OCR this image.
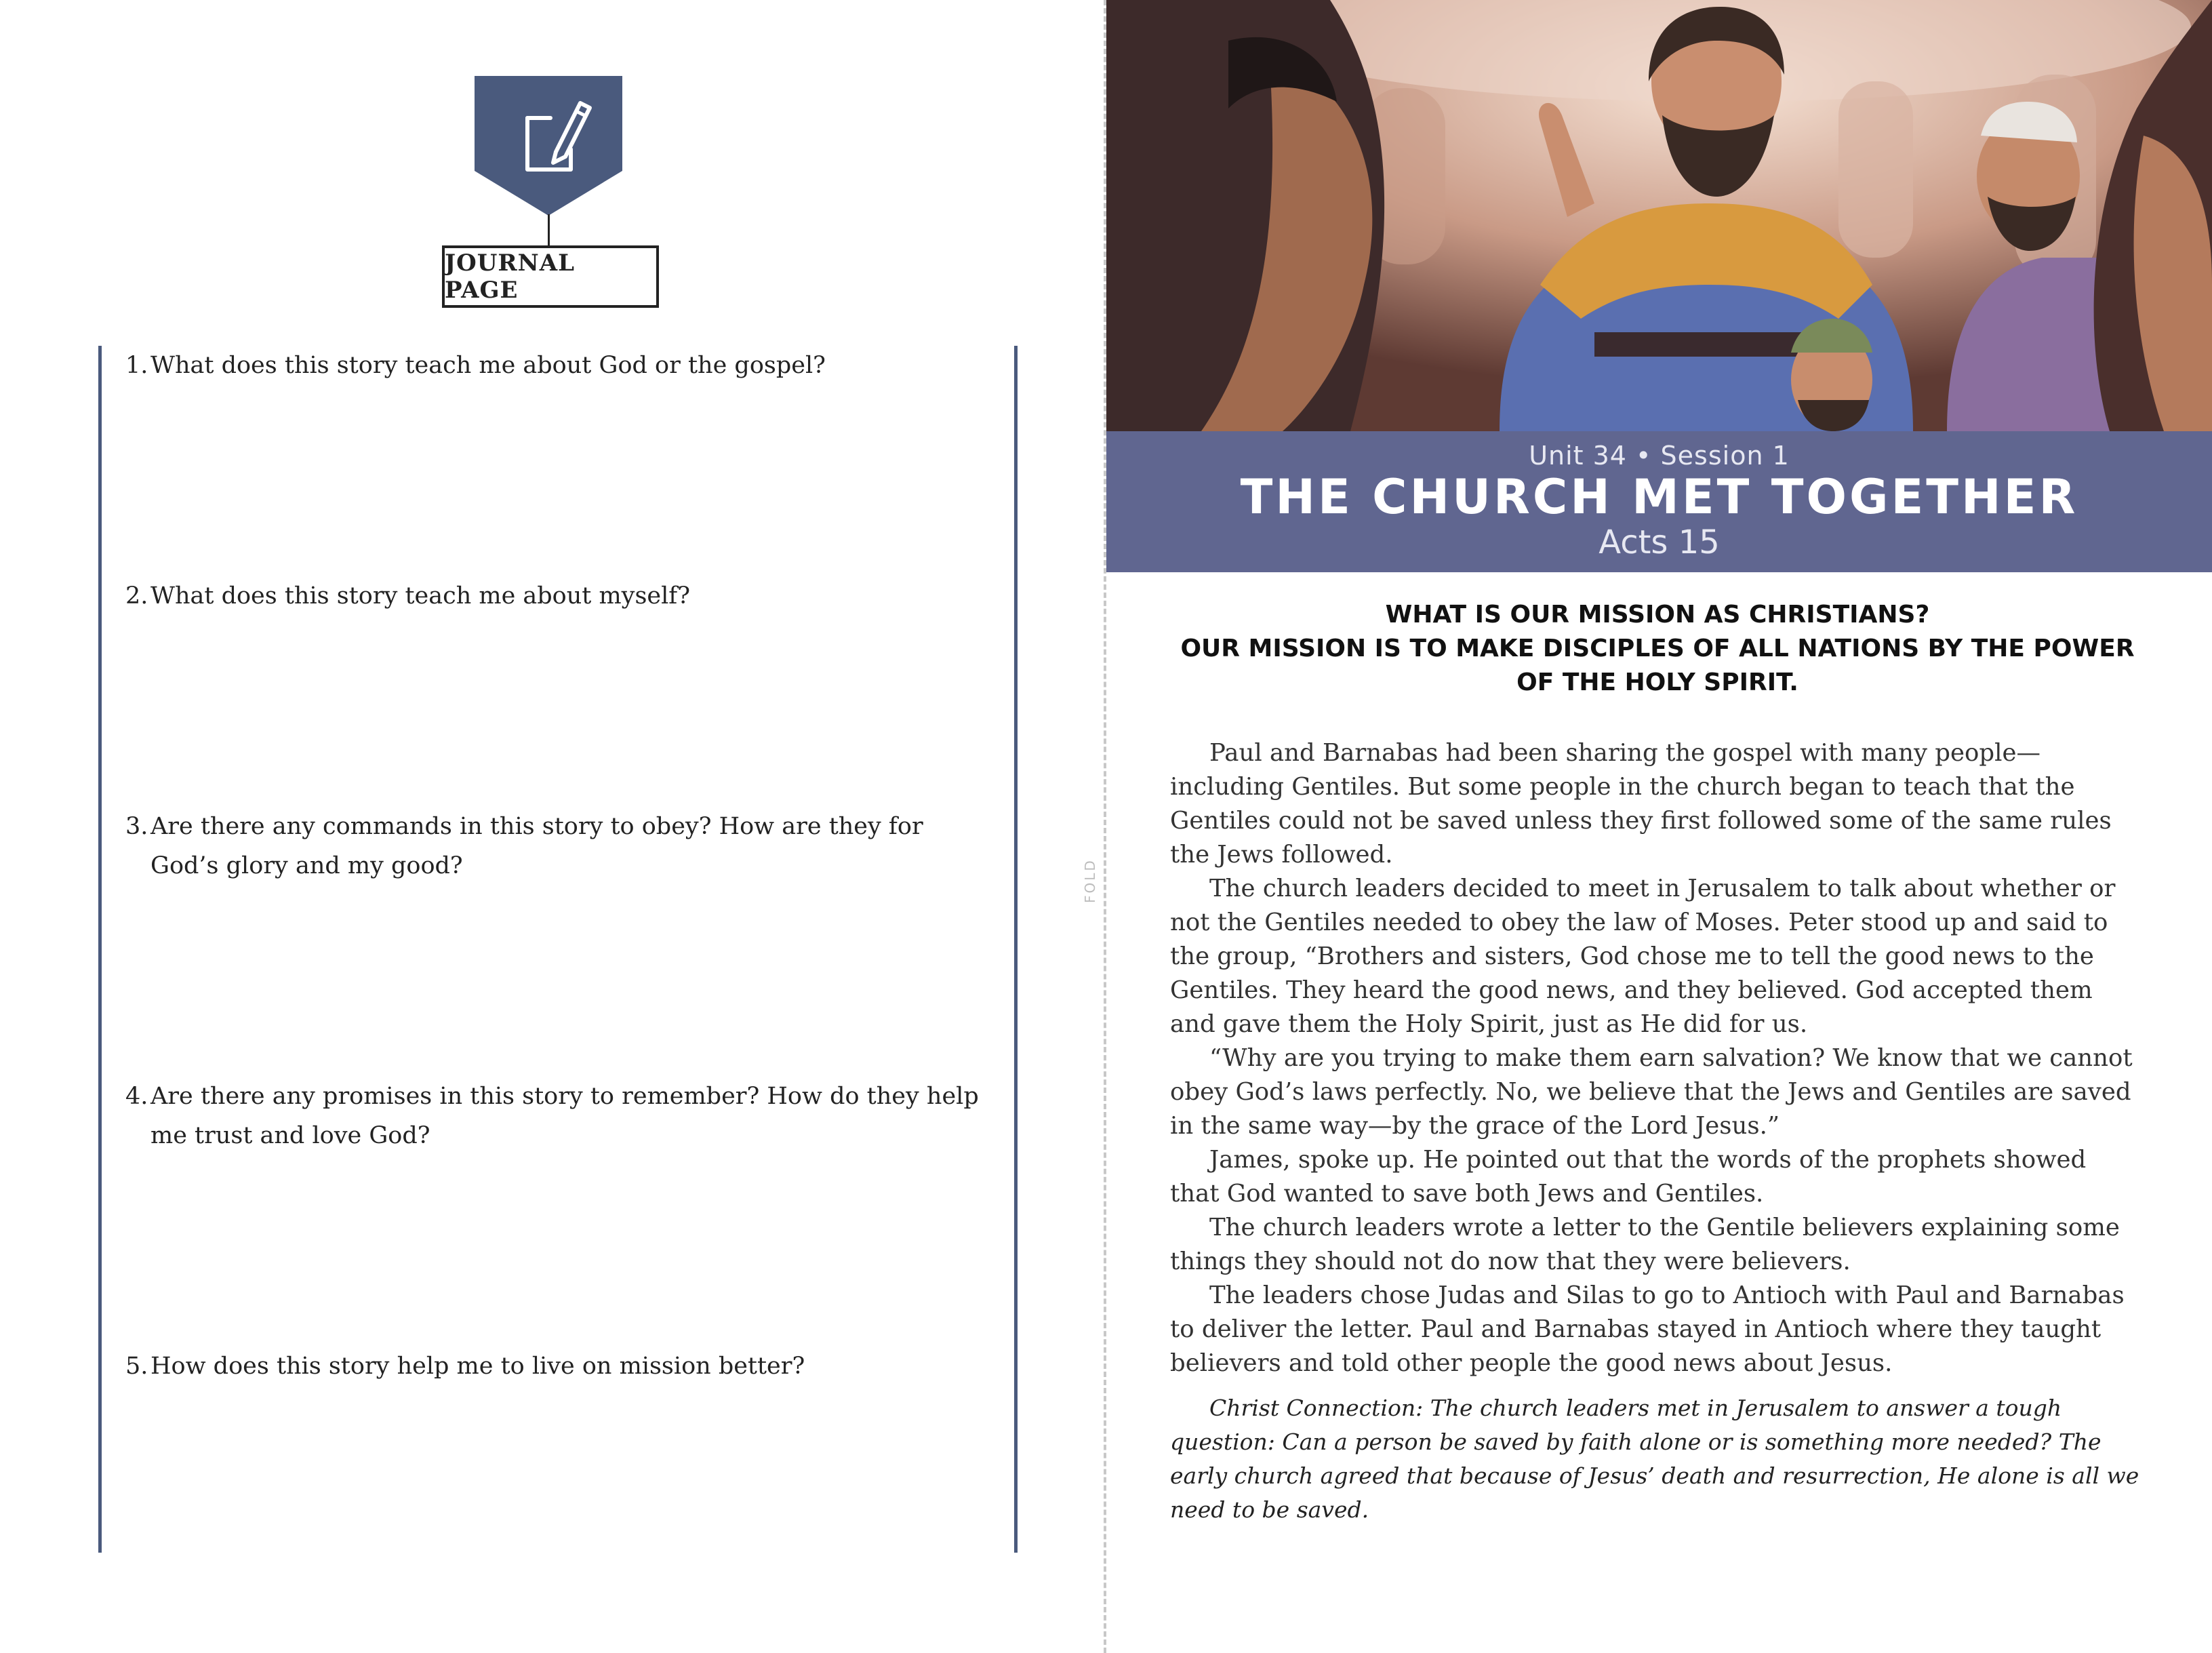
JOURNAL PAGE
1. What does this story teach me about God or the gospel?
2. What does this story teach me about myself?
3. Are there any commands in this story to obey? How are they for God’s glory and my good?
4. Are there any promises in this story to remember? How do they help me trust and love God?
5. How does this story help me to live on mission better?
FOLD
Unit 34 • Session 1
THE CHURCH MET TOGETHER
Acts 15
WHAT IS OUR MISSION AS CHRISTIANS?
OUR MISSION IS TO MAKE DISCIPLES OF ALL NATIONS BY THE POWER
OF THE HOLY SPIRIT.

Paul and Barnabas had been sharing the gospel with many people—including Gentiles. But some people in the church began to teach that the Gentiles could not be saved unless they first followed some of the same rules the Jews followed.

The church leaders decided to meet in Jerusalem to talk about whether or not the Gentiles needed to obey the law of Moses. Peter stood up and said to the group, “Brothers and sisters, God chose me to tell the good news to the Gentiles. They heard the good news, and they believed. God accepted them and gave them the Holy Spirit, just as He did for us.

“Why are you trying to make them earn salvation? We know that we cannot obey God’s laws perfectly. No, we believe that the Jews and Gentiles are saved in the same way—by the grace of the Lord Jesus.”

James, spoke up. He pointed out that the words of the prophets showed that God wanted to save both Jews and Gentiles.

The church leaders wrote a letter to the Gentile believers explaining some things they should not do now that they were believers.

The leaders chose Judas and Silas to go to Antioch with Paul and Barnabas to deliver the letter. Paul and Barnabas stayed in Antioch where they taught believers and told other people the good news about Jesus.

Christ Connection: The church leaders met in Jerusalem to answer a tough question: Can a person be saved by faith alone or is something more needed? The early church agreed that because of Jesus’ death and resurrection, He alone is all we need to be saved.
